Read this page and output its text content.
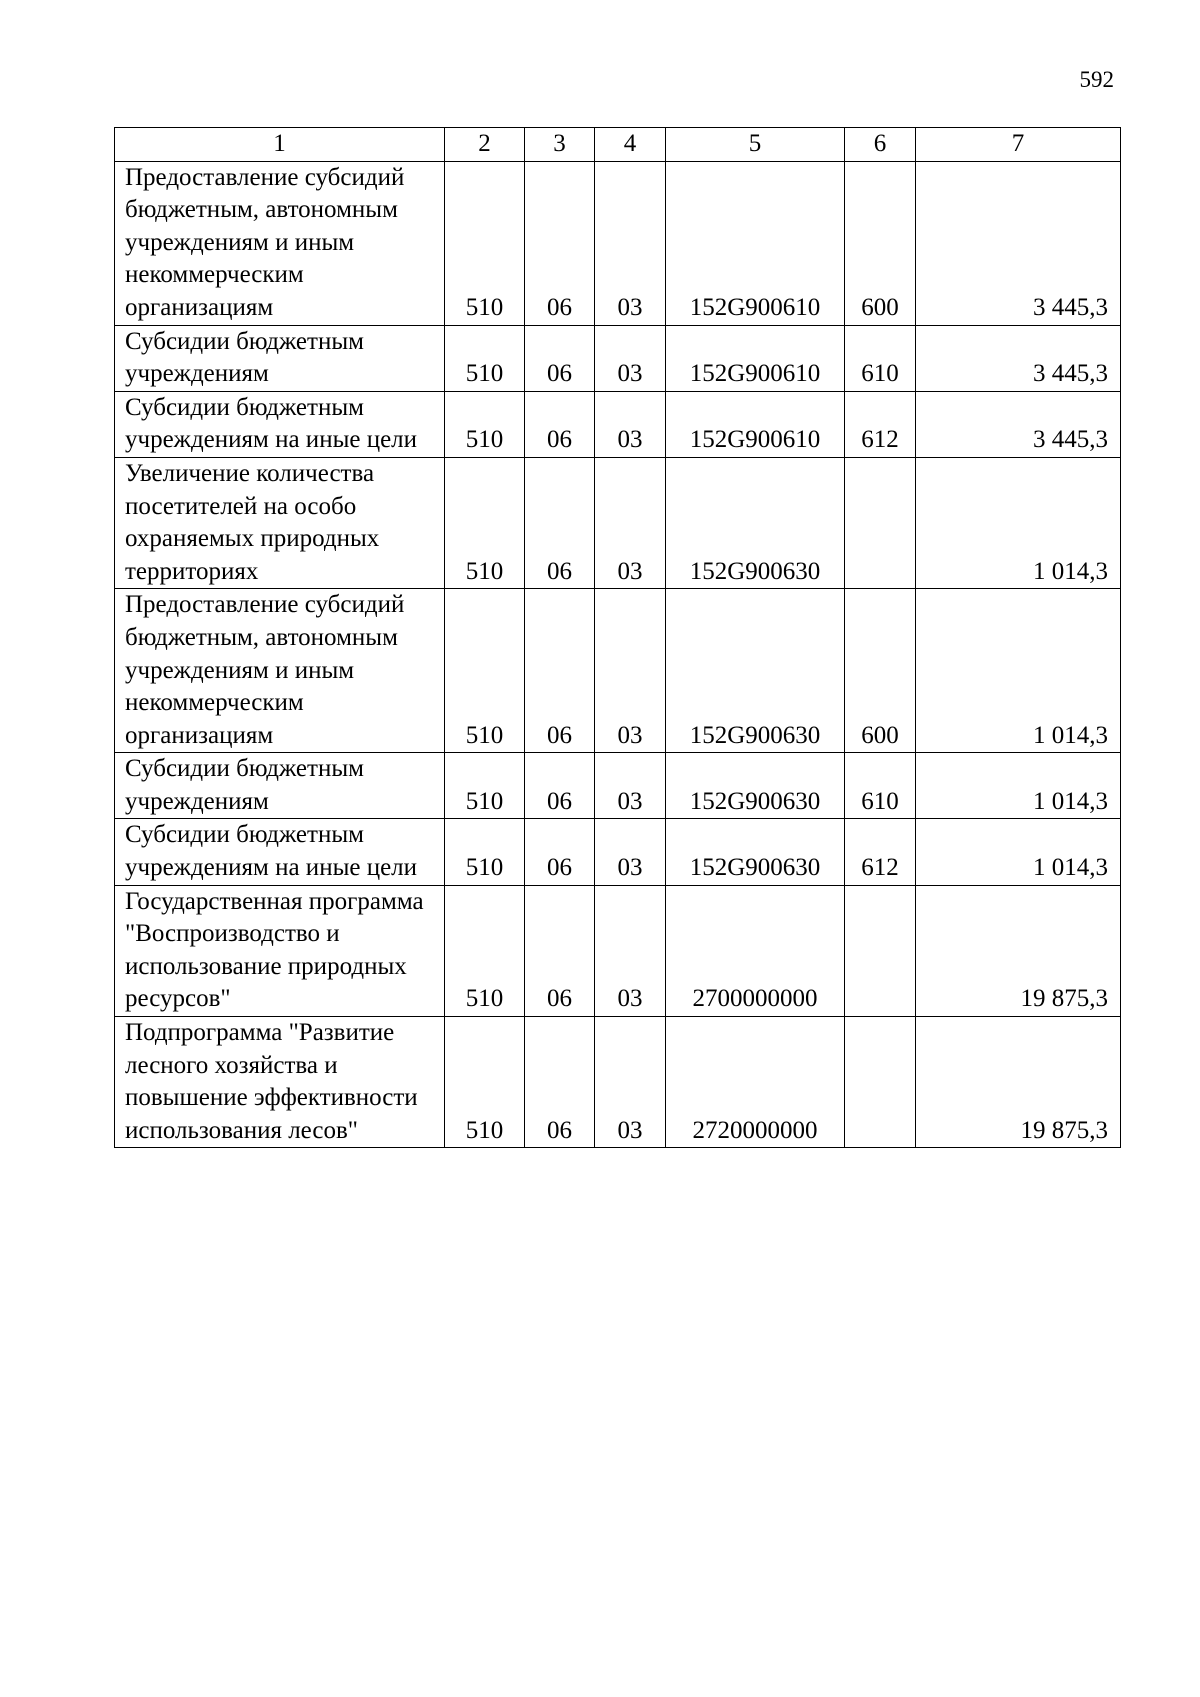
592
1	2	3	4	5	6	7
Предоставление субсидий бюджетным, автономным учреждениям и иным некоммерческим организациям	510	06	03	152G900610	600	3 445,3
Субсидии бюджетным учреждениям	510	06	03	152G900610	610	3 445,3
Субсидии бюджетным учреждениям на иные цели	510	06	03	152G900610	612	3 445,3
Увеличение количества посетителей на особо охраняемых природных территориях	510	06	03	152G900630		1 014,3
Предоставление субсидий бюджетным, автономным учреждениям и иным некоммерческим организациям	510	06	03	152G900630	600	1 014,3
Субсидии бюджетным учреждениям	510	06	03	152G900630	610	1 014,3
Субсидии бюджетным учреждениям на иные цели	510	06	03	152G900630	612	1 014,3
Государственная программа "Воспроизводство и использование природных ресурсов"	510	06	03	2700000000		19 875,3
Подпрограмма "Развитие лесного хозяйства и повышение эффективности использования лесов"	510	06	03	2720000000		19 875,3
